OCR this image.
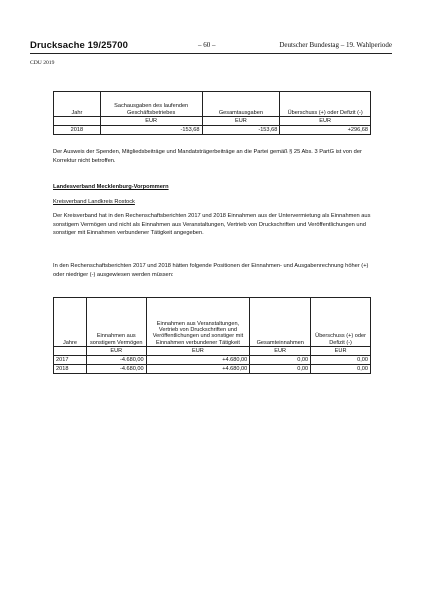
Drucksache 19/25700	– 60 –	Deutscher Bundestag – 19. Wahlperiode
CDU 2019
Jahr	Sachausgaben des laufenden Geschäftsbetriebes	Gesamtausgaben	Überschuss (+) oder Defizit (-)
	EUR	EUR	EUR
2018	-153,68	-153,68	+296,68
Der Ausweis der Spenden, Mitgliedsbeiträge und Mandatsträgerbeiträge an die Partei gemäß § 25 Abs. 3 PartG ist von der Korrektur nicht betroffen.
Landesverband Mecklenburg-Vorpommern
Kreisverband Landkreis Rostock
Der Kreisverband hat in den Rechenschaftsberichten 2017 und 2018 Einnahmen aus der Untervermietung als Einnahmen aus sonstigem Vermögen und nicht als Einnahmen aus Veranstaltungen, Vertrieb von Druckschriften und Veröffentlichungen und sonstiger mit Einnahmen verbundener Tätigkeit angegeben.
In den Rechenschaftsberichten 2017 und 2018 hätten folgende Positionen der Einnahmen- und Ausgabenrechnung höher (+) oder niedriger (-) ausgewiesen werden müssen:
Jahre	Einnahmen aus sonstigem Vermögen	Einnahmen aus Veranstaltungen, Vertrieb von Druckschriften und Veröffentlichungen und sonstiger mit Einnahmen verbundener Tätigkeit	Gesamteinnahmen	Überschuss (+) oder Defizit (-)
	EUR	EUR	EUR	EUR
2017	-4.680,00	+4.680,00	0,00	0,00
2018	-4.680,00	+4.680,00	0,00	0,00
